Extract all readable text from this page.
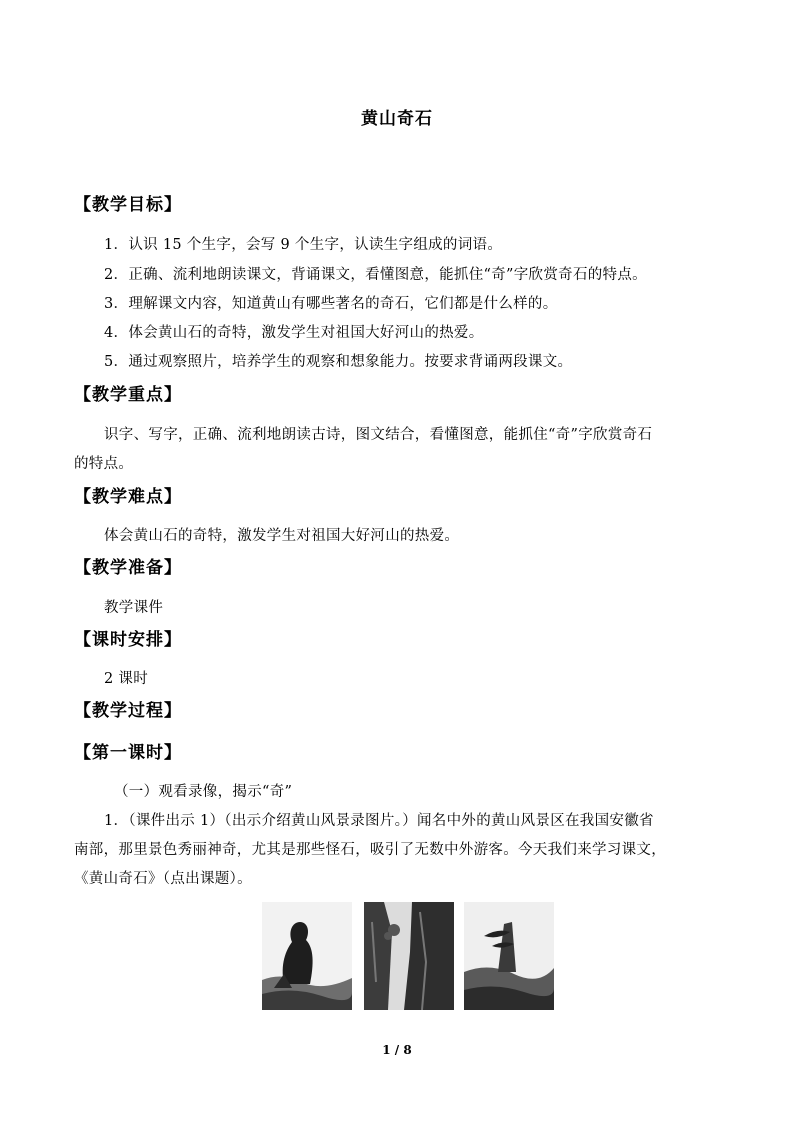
黄山奇石
【教学目标】
1．认识 15 个生字，会写 9 个生字，认读生字组成的词语。
2．正确、流利地朗读课文，背诵课文，看懂图意，能抓住“奇”字欣赏奇石的特点。
3．理解课文内容，知道黄山有哪些著名的奇石，它们都是什么样的。
4．体会黄山石的奇特，激发学生对祖国大好河山的热爱。
5．通过观察照片，培养学生的观察和想象能力。按要求背诵两段课文。
【教学重点】
识字、写字，正确、流利地朗读古诗，图文结合，看懂图意，能抓住“奇”字欣赏奇石
的特点。
【教学难点】
体会黄山石的奇特，激发学生对祖国大好河山的热爱。
【教学准备】
教学课件
【课时安排】
2 课时
【教学过程】
【第一课时】
（一）观看录像，揭示“奇”
1．（课件出示 1）（出示介绍黄山风景录图片。）闻名中外的黄山风景区在我国安徽省
南部，那里景色秀丽神奇，尤其是那些怪石，吸引了无数中外游客。今天我们来学习课文，
《黄山奇石》（点出课题）。
1 / 8
